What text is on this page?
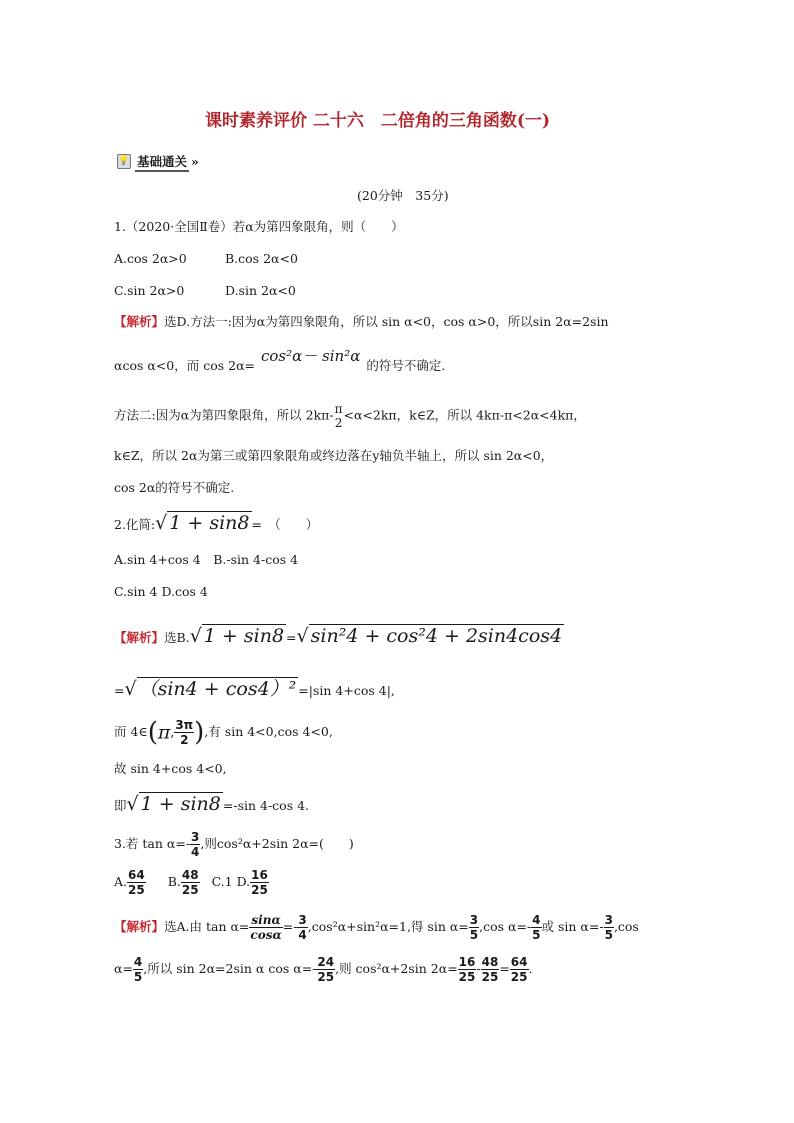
课时素养评价 二十六　二倍角的三角函数(一)
💡 基础通关 »
(20分钟　35分)
1.（2020·全国Ⅱ卷）若α为第四象限角，则（　　）
A.cos 2α>0	B.cos 2α<0
C.sin 2α>0	D.sin 2α<0
【解析】选D.方法一:因为α为第四象限角，所以 sin α<0，cos α>0，所以sin 2α=2sin
αcos α<0，而 cos 2α=cos²α－ sin²α的符号不确定.
方法二:因为α为第四象限角，所以 2kπ- π
2
<α<2kπ，k∈Z，所以 4kπ-π<2α<4kπ，
k∈Z，所以 2α为第三或第四象限角或终边落在y轴负半轴上，所以 sin 2α<0，
cos 2α的符号不确定.
2.化简:√ 1 + sin8 =　（　　）
A.sin 4+cos 4　B.-sin 4-cos 4
C.sin 4 D.cos 4
【解析】选B.√ 1 + sin8 =√ sin²4 + cos²4 + 2sin4cos4
=√ （sin4 + cos4）² =|sin 4+cos 4|,
而 4∈(π, $\frac{3\pi}{2}$ ),有 sin 4<0,cos 4<0,
故 sin 4+cos 4<0,
即√ 1 + sin8 =-sin 4-cos 4.
3.若 $\tan \alpha=- \frac{3}{4}$ ,则cos²α+2sin 2α=(　　)
A. $\frac{64}{25} B$. $\frac{48}{25} C.1$ D. $\frac{16}{25}$
【解析】选A.由 $\tan \alpha= \frac{\sin\alpha}{\cos\alpha} =- \frac{3}{4} ,\cos^2\alpha+\sin^2\alpha=1$,得 $\sin \alpha= \frac{3}{5} ,\cos$ $\alpha=- \frac{4}{5}$ 或 $\sin \alpha=- \frac{3}{5} ,\cos$
$\alpha= \frac{4}{5}$ ,所以 sin 2α=2sin α $\cos \alpha=- \frac{24}{25}$ ,则 cos²α+2sin $2\alpha= \frac{16}{25} - \frac{48}{25} = \frac{64}{25}$ .
